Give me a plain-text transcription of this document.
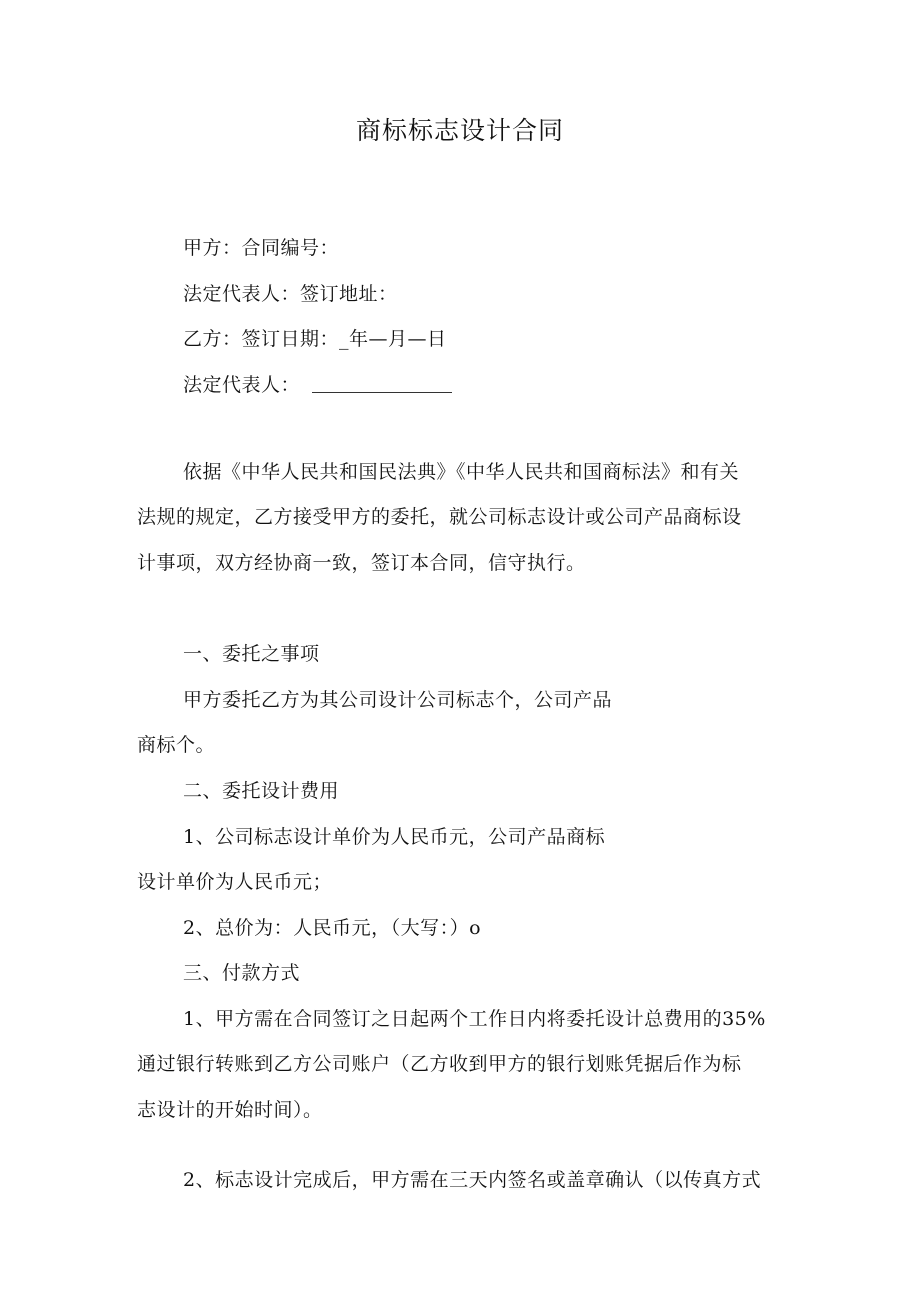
商标标志设计合同

甲方：合同编号：

法定代表人：签订地址：

乙方：签订日期：_年—月—日

法定代表人：

依据《中华人民共和国民法典》《中华人民共和国商标法》和有关

法规的规定，乙方接受甲方的委托，就公司标志设计或公司产品商标设

计事项，双方经协商一致，签订本合同，信守执行。

一、委托之事项

甲方委托乙方为其公司设计公司标志个，公司产品

商标个。

二、委托设计费用

1、公司标志设计单价为人民币元，公司产品商标

设计单价为人民币元；

2、总价为：人民币元，（大写：）o

三、付款方式

1、甲方需在合同签订之日起两个工作日内将委托设计总费用的35%

通过银行转账到乙方公司账户（乙方收到甲方的银行划账凭据后作为标

志设计的开始时间）。

2、标志设计完成后，甲方需在三天内签名或盖章确认（以传真方式
